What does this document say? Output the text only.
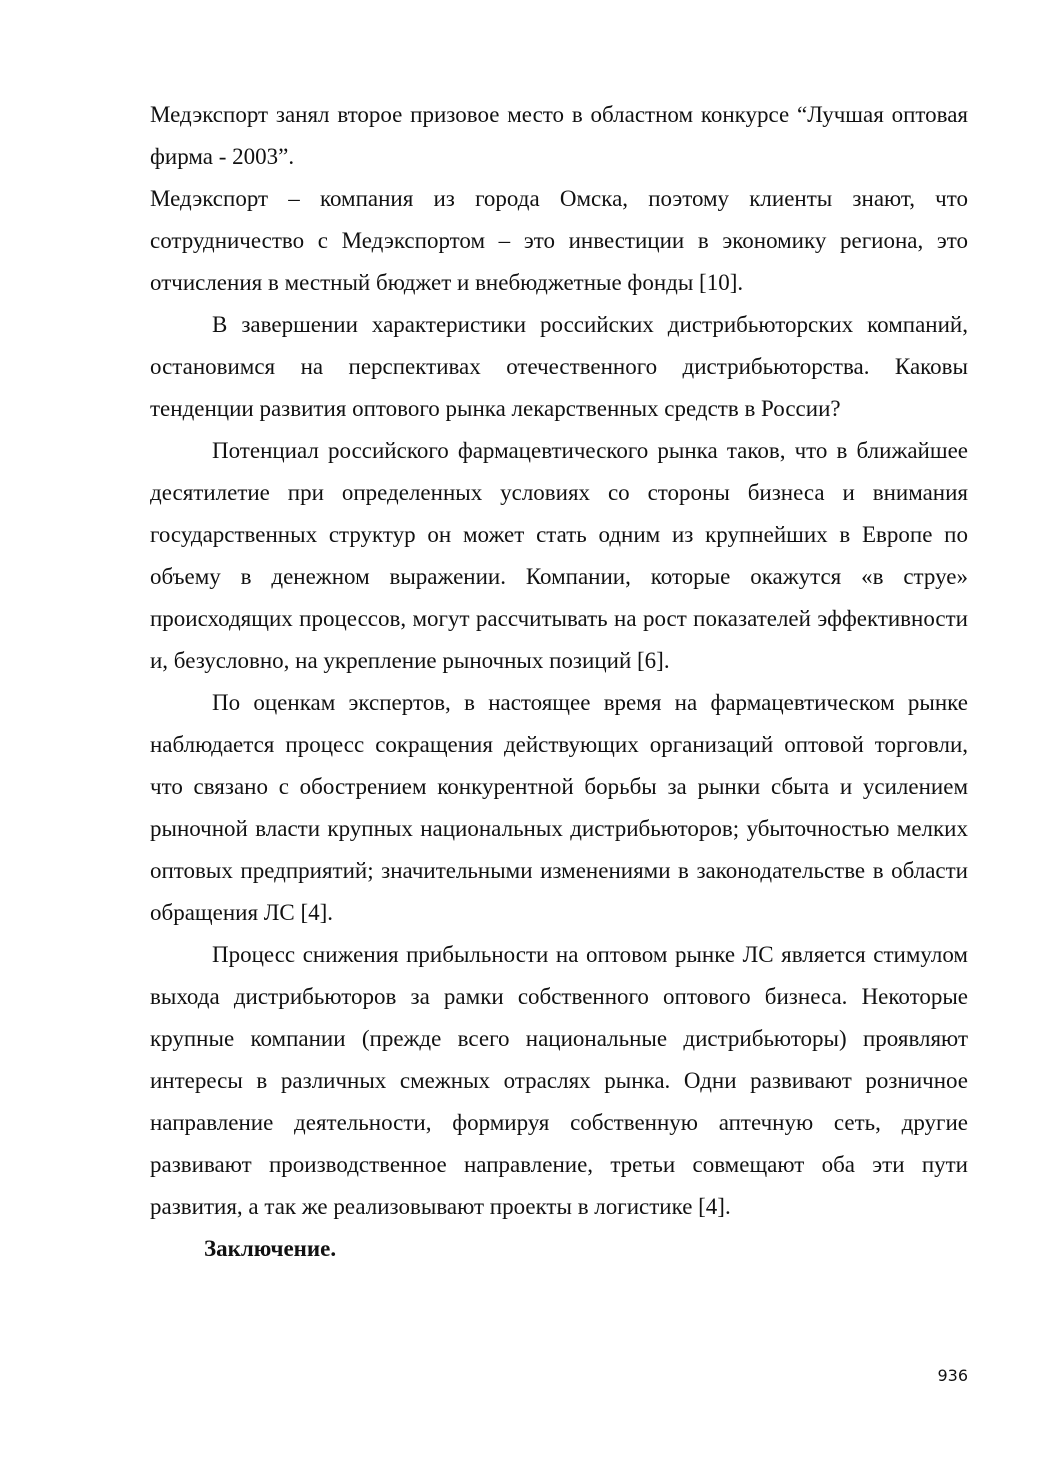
Медэкспорт занял второе призовое место в областном конкурсе “Лучшая оптовая фирма - 2003”.

Медэкспорт – компания из города Омска, поэтому клиенты знают, что сотрудничество с Медэкспортом – это инвестиции в экономику региона, это отчисления в местный бюджет и внебюджетные фонды [10].

В завершении характеристики российских дистрибьюторских компаний, остановимся на перспективах отечественного дистрибьюторства. Каковы тенденции развития оптового рынка лекарственных средств в России?

Потенциал российского фармацевтического рынка таков, что в ближайшее десятилетие при определенных условиях со стороны бизнеса и внимания государственных структур он может стать одним из крупнейших в Европе по объему в денежном выражении. Компании, которые окажутся «в струе» происходящих процессов, могут рассчитывать на рост показателей эффективности и, безусловно, на укрепление рыночных позиций [6].

По оценкам экспертов, в настоящее время на фармацевтическом рынке наблюдается процесс сокращения действующих организаций оптовой торговли, что связано с обострением конкурентной борьбы за рынки сбыта и усилением рыночной власти крупных национальных дистрибьюторов; убыточностью мелких оптовых предприятий; значительными изменениями в законодательстве в области обращения ЛС [4].

Процесс снижения прибыльности на оптовом рынке ЛС является стимулом выхода дистрибьюторов за рамки собственного оптового бизнеса. Некоторые крупные компании (прежде всего национальные дистрибьюторы) проявляют интересы в различных смежных отраслях рынка. Одни развивают розничное направление деятельности, формируя собственную аптечную сеть, другие развивают производственное направление, третьи совмещают оба эти пути развития, а так же реализовывают проекты в логистике [4].

Заключение.

936
